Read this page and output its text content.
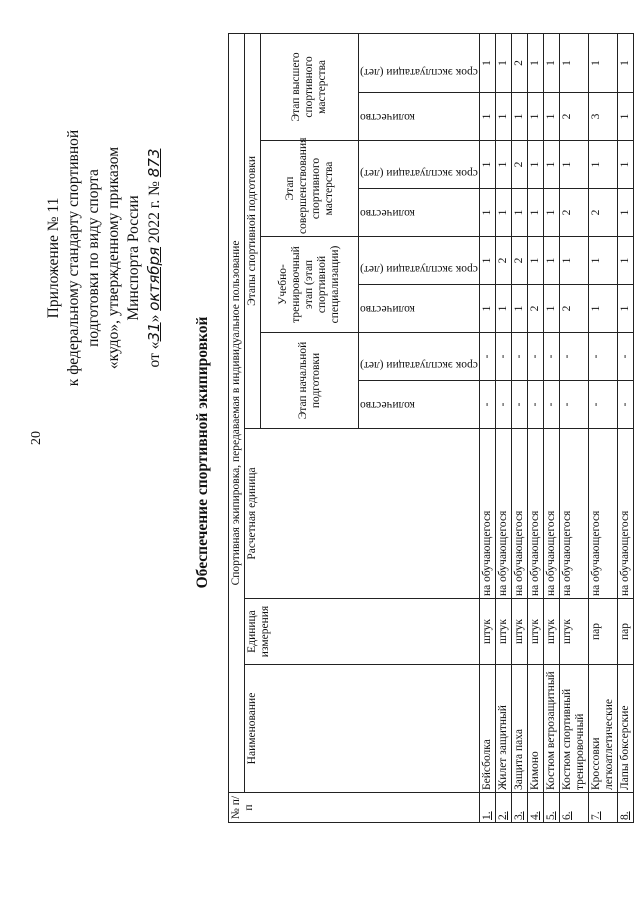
20
Приложение № 11 к федеральному стандарту спортивной подготовки по виду спорта «кудо», утвержденному приказом Минспорта России
от «31» октября 2022 г. № 873
Обеспечение спортивной экипировкой
№ п/п	Спортивная экипировка, передаваемая в индивидуальное пользование										
	Наименование	Единица измерения	Расчетная единица	Этапы спортивной подготовки							
				Этап начальной подготовки		Учебно-тренировочный этап (этап спортивной специализации)		Этап совершенствования спортивного мастерства		Этап высшего спортивного мастерства	

				количество	срок эксплуатации (лет)	количество	срок эксплуатации (лет)	количество	срок эксплуатации (лет)	количество	срок эксплуатации (лет)

1.	Бейсболка	штук	на обучающегося	-	-	1	1	1	1	1	1
2.	Жилет защитный	штук	на обучающегося	-	-	1	2	1	1	1	1
3.	Защита паха	штук	на обучающегося	-	-	1	2	1	2	1	2
4.	Кимоно	штук	на обучающегося	-	-	2	1	1	1	1	1
5.	Костюм ветрозащитный	штук	на обучающегося	-	-	1	1	1	1	1	1
6.	Костюм спортивный тренировочный	штук	на обучающегося	-	-	2	1	2	1	2	1
7.	Кроссовки легкоатлетические	пар	на обучающегося	-	-	1	1	2	1	3	1
8.	Лапы боксерские	пар	на обучающегося	-	-	1	1	1	1	1	1
